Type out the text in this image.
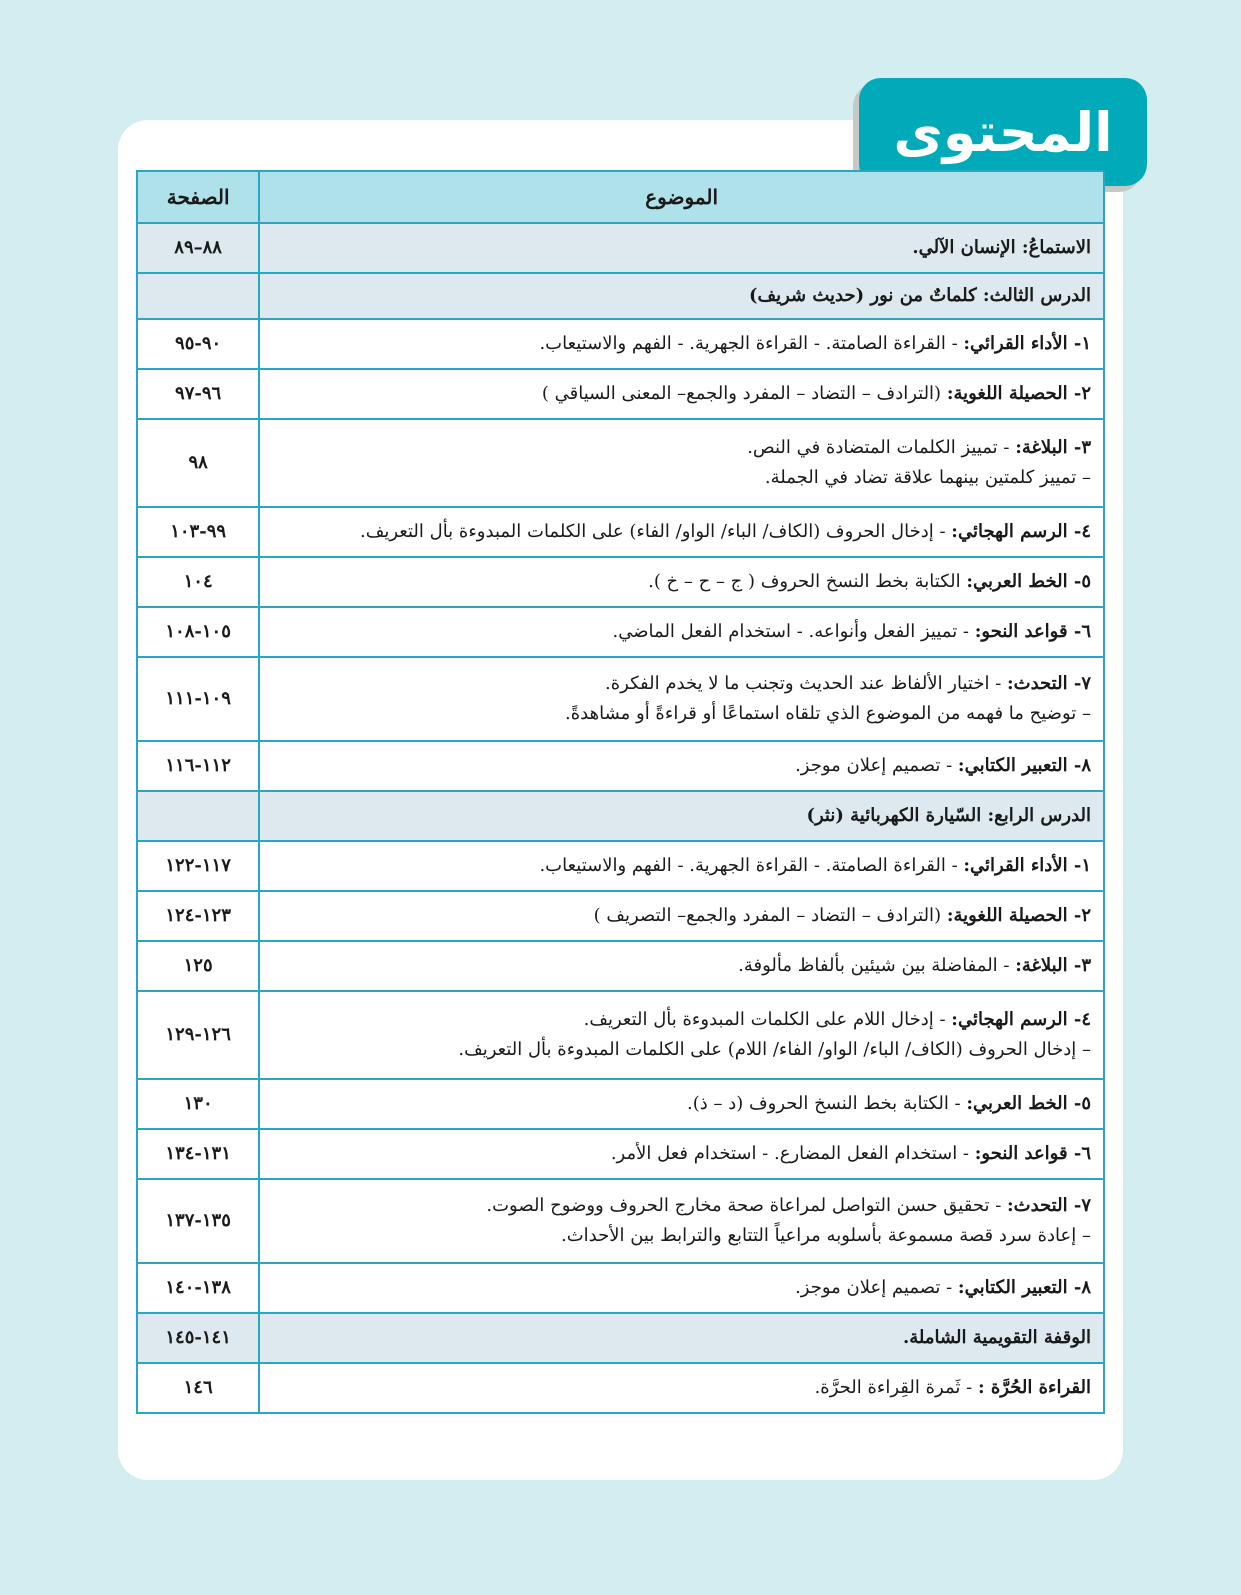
المحتوى
الموضوع	الصفحة
الاستماعُ: الإنسان الآلي.	٨٨–٨٩
الدرس الثالث: كلماتٌ من نور (حديث شريف)	
١- الأداء القرائي: - القراءة الصامتة. - القراءة الجهرية. - الفهم والاستيعاب.	٩٠-٩٥
٢- الحصيلة اللغوية: (الترادف – التضاد – المفرد والجمع– المعنى السياقي )	٩٦-٩٧
٣- البلاغة: - تمييز الكلمات المتضادة في النص.
– تمييز كلمتين بينهما علاقة تضاد في الجملة.	٩٨
٤- الرسم الهجائي: - إدخال الحروف (الكاف/ الباء/ الواو/ الفاء) على الكلمات المبدوءة بأل التعريف.	٩٩-١٠٣
٥- الخط العربي: الكتابة بخط النسخ الحروف ( ج – ح – خ ).	١٠٤
٦- قواعد النحو: - تمييز الفعل وأنواعه. - استخدام الفعل الماضي.	١٠٥-١٠٨
٧- التحدث: - اختيار الألفاظ عند الحديث وتجنب ما لا يخدم الفكرة.
– توضيح ما فهمه من الموضوع الذي تلقاه استماعًا أو قراءةً أو مشاهدةً.	١٠٩-١١١
٨- التعبير الكتابي: - تصميم إعلان موجز.	١١٢-١١٦
الدرس الرابع: السّيارة الكهربائية (نثر)	
١- الأداء القرائي: - القراءة الصامتة. - القراءة الجهرية. - الفهم والاستيعاب.	١١٧-١٢٢
٢- الحصيلة اللغوية: (الترادف – التضاد – المفرد والجمع– التصريف )	١٢٣-١٢٤
٣- البلاغة: - المفاضلة بين شيئين بألفاظ مألوفة.	١٢٥
٤- الرسم الهجائي: - إدخال اللام على الكلمات المبدوءة بأل التعريف.
– إدخال الحروف (الكاف/ الباء/ الواو/ الفاء/ اللام) على الكلمات المبدوءة بأل التعريف.	١٢٦-١٢٩
٥- الخط العربي: - الكتابة بخط النسخ الحروف (د – ذ).	١٣٠
٦- قواعد النحو: - استخدام الفعل المضارع. - استخدام فعل الأمر.	١٣١-١٣٤
٧- التحدث: - تحقيق حسن التواصل لمراعاة صحة مخارج الحروف ووضوح الصوت.
– إعادة سرد قصة مسموعة بأسلوبه مراعياً التتابع والترابط بين الأحداث.	١٣٥-١٣٧
٨- التعبير الكتابي: - تصميم إعلان موجز.	١٣٨-١٤٠
الوقفة التقويمية الشاملة.	١٤١-١٤٥
القراءة الحُرَّة : - ثَمرة القِراءة الحرَّة.	١٤٦
